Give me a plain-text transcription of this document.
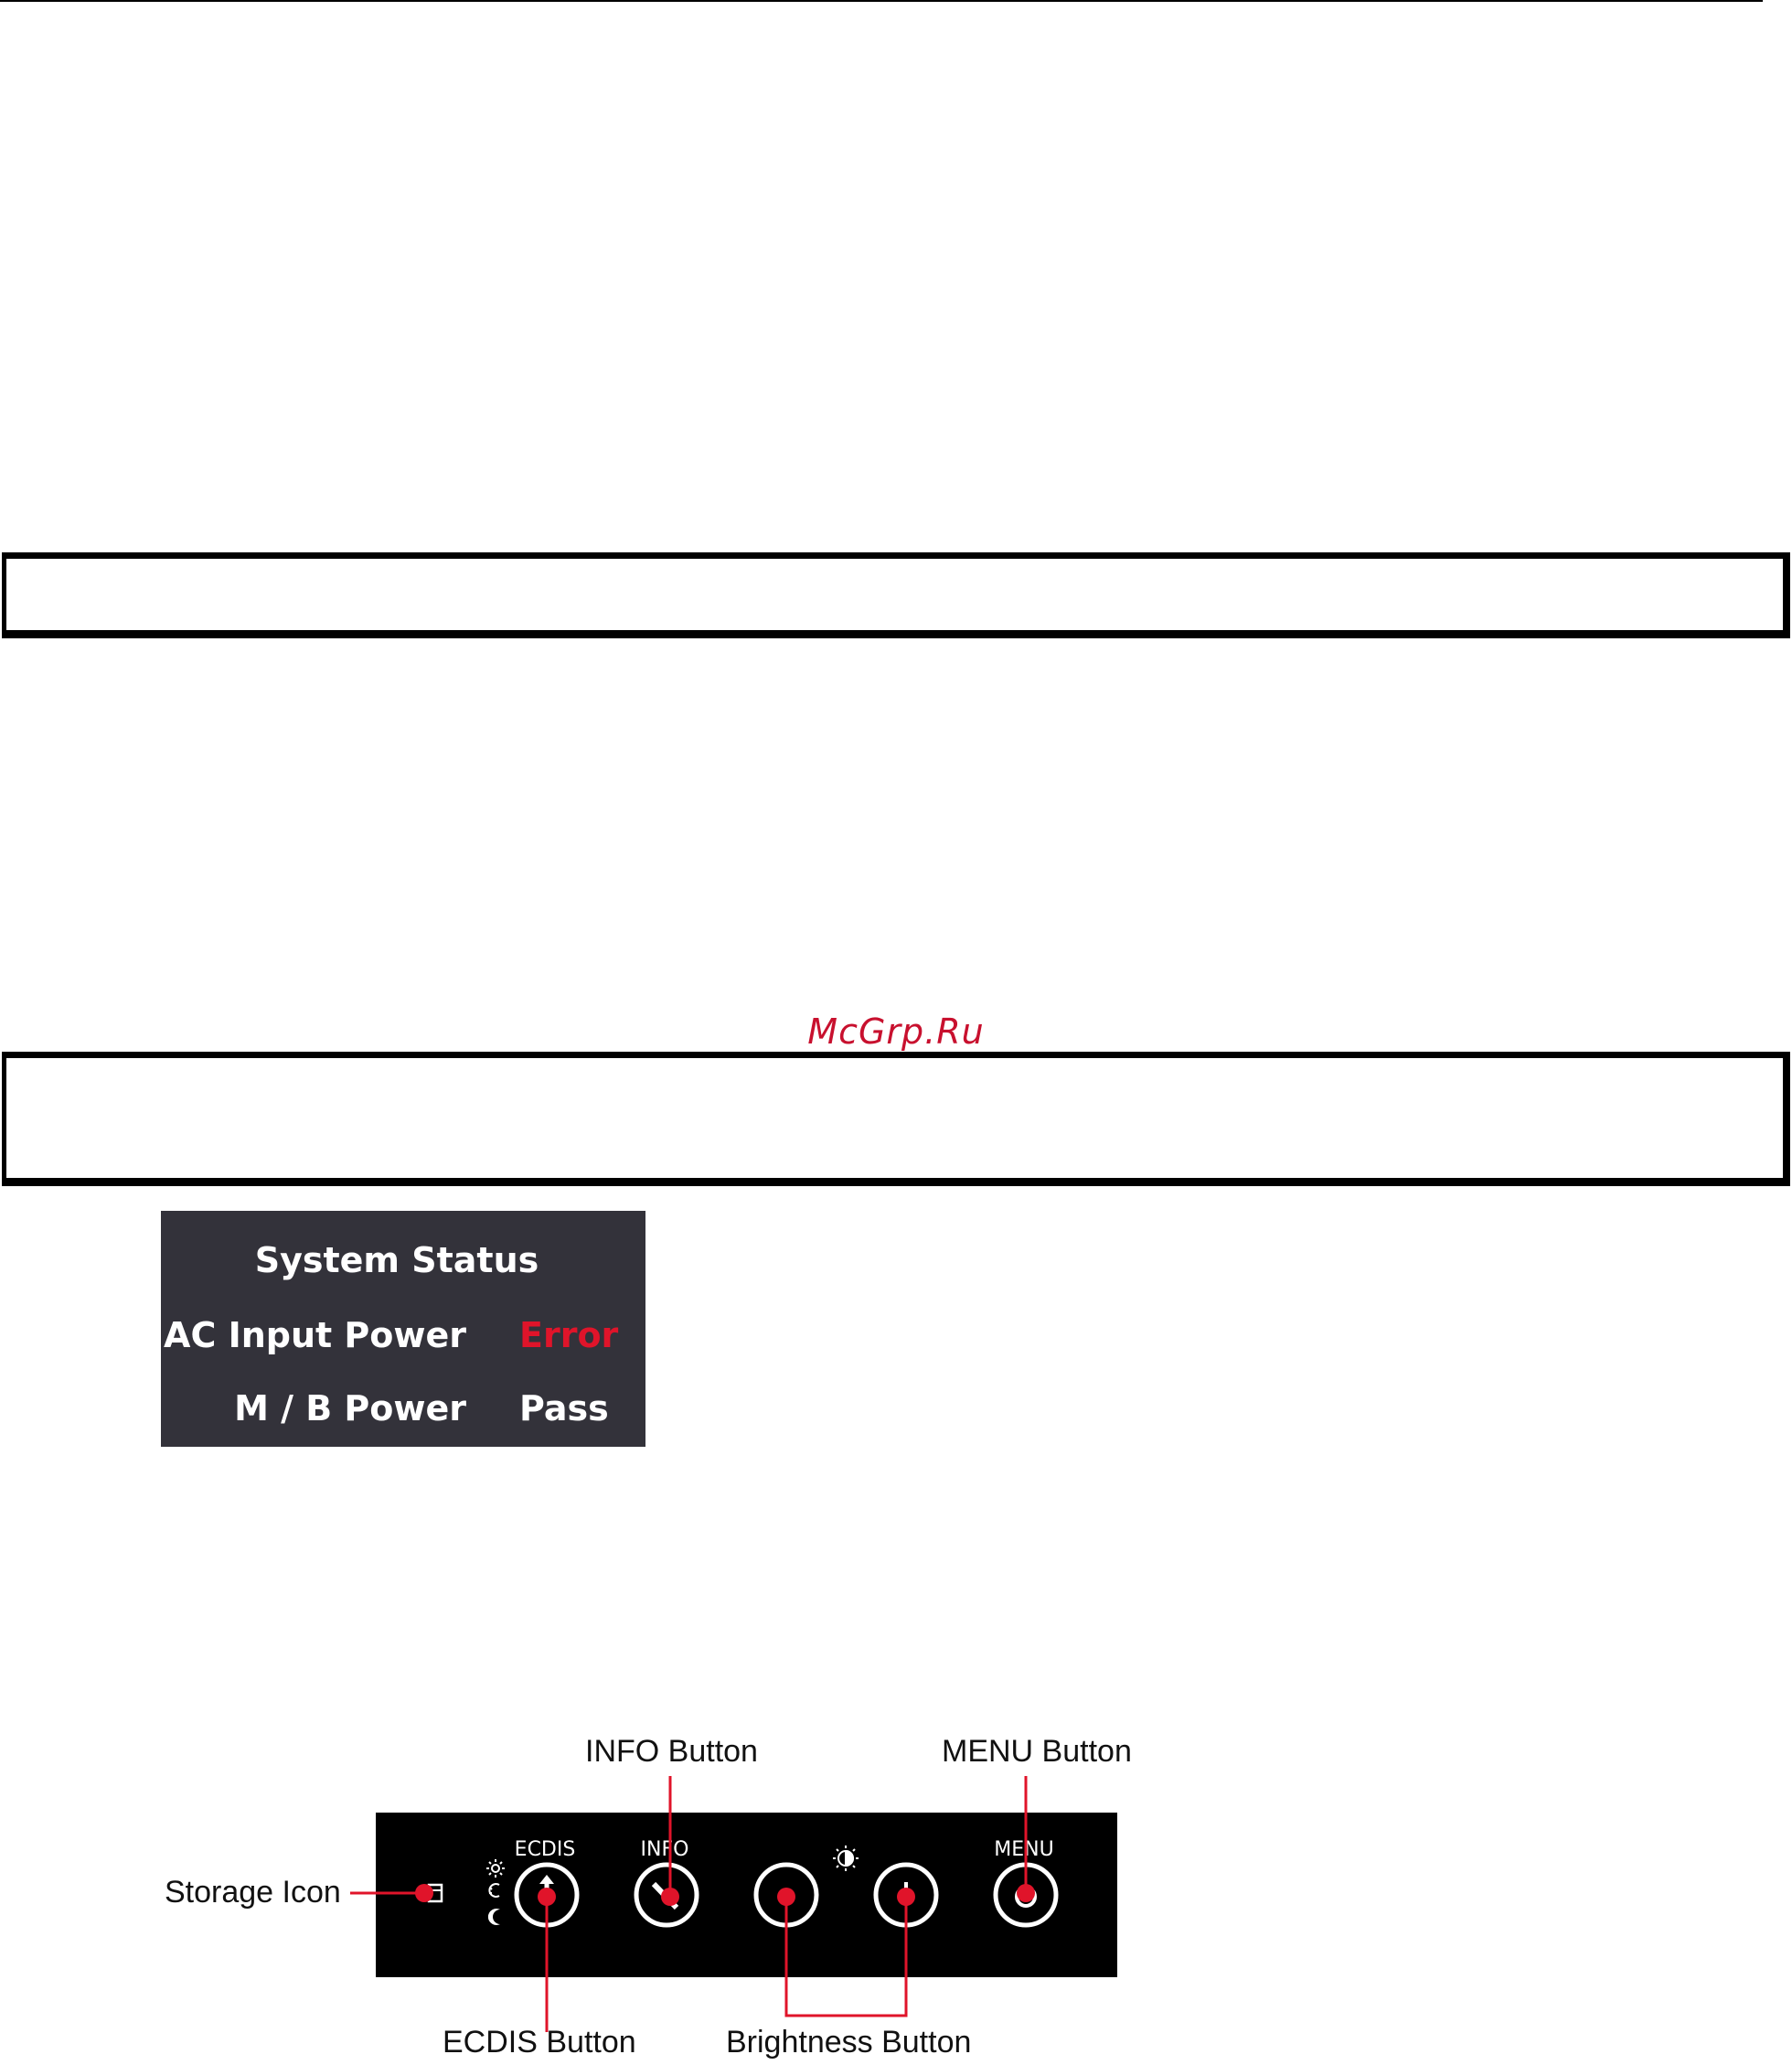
McGrp.Ru
System Status
AC Input Power Error
M / B Power Pass
ECDIS	INFO	MENU
INFO Button	MENU Button
Storage Icon
ECDIS Button	Brightness Button
